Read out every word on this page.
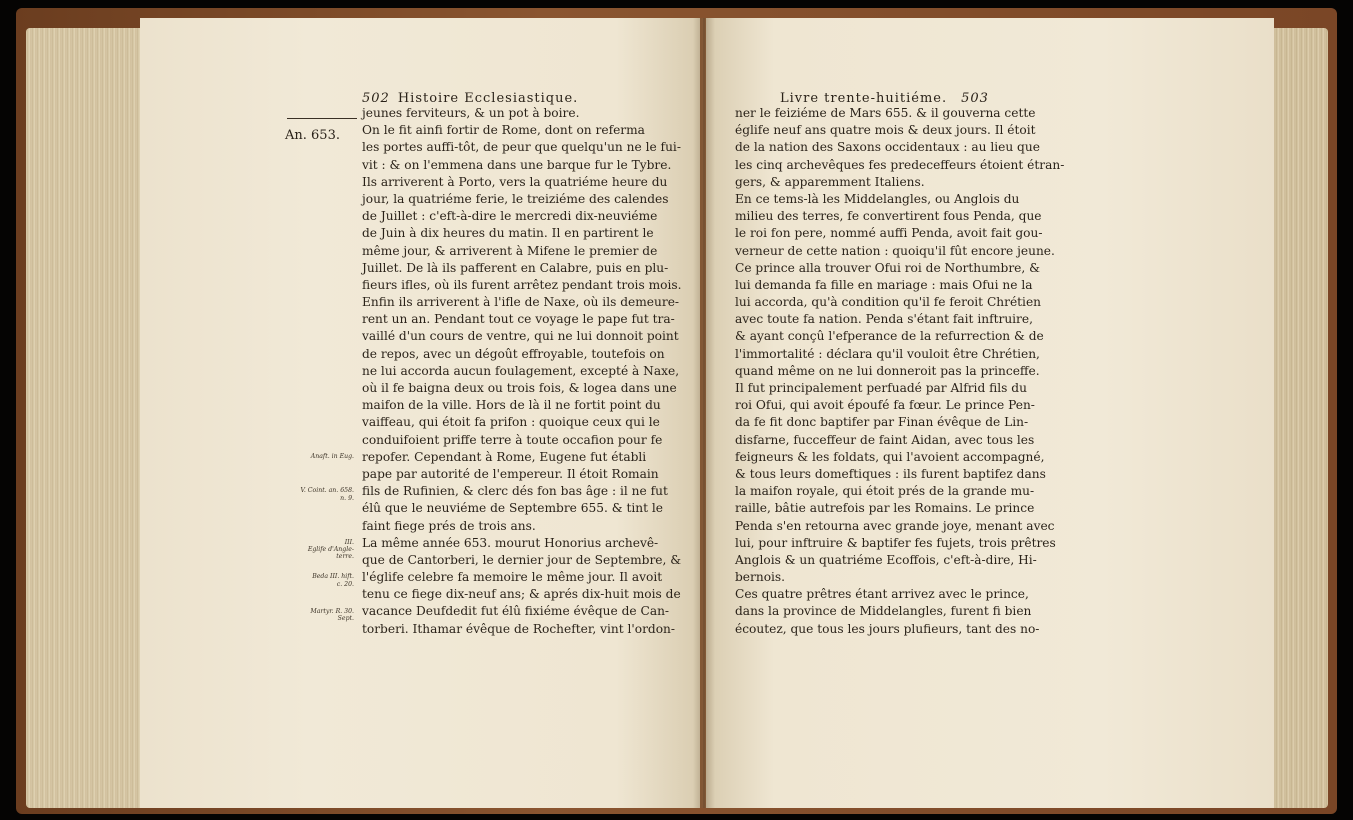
502 Histoire Ecclesiastique.
An. 653.
jeunes ferviteurs, & un pot à boire.
On le fit ainfi fortir de Rome, dont on referma
les portes auffi-tôt, de peur que quelqu'un ne le fui-
vit : & on l'emmena dans une barque fur le Tybre.
Ils arriverent à Porto, vers la quatriéme heure du
jour, la quatriéme ferie, le treiziéme des calendes
de Juillet : c'eft-à-dire le mercredi dix-neuviéme
de Juin à dix heures du matin. Il en partirent le
même jour, & arriverent à Mifene le premier de
Juillet. De là ils pafferent en Calabre, puis en plu-
fieurs ifles, où ils furent arrêtez pendant trois mois.
Enfin ils arriverent à l'ifle de Naxe, où ils demeure-
rent un an. Pendant tout ce voyage le pape fut tra-
vaillé d'un cours de ventre, qui ne lui donnoit point
de repos, avec un dégoût effroyable, toutefois on
ne lui accorda aucun foulagement, excepté à Naxe,
où il fe baigna deux ou trois fois, & logea dans une
maifon de la ville. Hors de là il ne fortit point du
vaiffeau, qui étoit fa prifon : quoique ceux qui le
conduifoient priffe terre à toute occafion pour fe
repofer. Cependant à Rome, Eugene fut établi
pape par autorité de l'empereur. Il étoit Romain
fils de Rufinien, & clerc dés fon bas âge : il ne fut
élû que le neuviéme de Septembre 655. & tint le
faint fiege prés de trois ans.
La même année 653. mourut Honorius archevê-
que de Cantorberi, le dernier jour de Septembre, &
l'églife celebre fa memoire le même jour. Il avoit
tenu ce fiege dix-neuf ans; & aprés dix-huit mois de
vacance Deufdedit fut élû fixiéme évêque de Can-
torberi. Ithamar évêque de Rochefter, vint l'ordon-
Anaft. in Eug.
V. Coint. an. 658.
n. 9.
III.
Eglife d'Angle-
terre.
Beda III. hift.
c. 20.
Martyr. R. 30.
Sept.
Livre trente-huitiéme. 503
ner le feiziéme de Mars 655. & il gouverna cette
églife neuf ans quatre mois & deux jours. Il étoit
de la nation des Saxons occidentaux : au lieu que
les cinq archevêques fes predeceffeurs étoient étran-
gers, & apparemment Italiens.
En ce tems-là les Middelangles, ou Anglois du
milieu des terres, fe convertirent fous Penda, que
le roi fon pere, nommé auffi Penda, avoit fait gou-
verneur de cette nation : quoiqu'il fût encore jeune.
Ce prince alla trouver Ofui roi de Northumbre, &
lui demanda fa fille en mariage : mais Ofui ne la
lui accorda, qu'à condition qu'il fe feroit Chrétien
avec toute fa nation. Penda s'étant fait inftruire,
& ayant conçû l'efperance de la refurrection & de
l'immortalité : déclara qu'il vouloit être Chrétien,
quand même on ne lui donneroit pas la princeffe.
Il fut principalement perfuadé par Alfrid fils du
roi Ofui, qui avoit époufé fa fœur. Le prince Pen-
da fe fit donc baptifer par Finan évêque de Lin-
disfarne, fucceffeur de faint Aidan, avec tous les
feigneurs & les foldats, qui l'avoient accompagné,
& tous leurs domeftiques : ils furent baptifez dans
la maifon royale, qui étoit prés de la grande mu-
raille, bâtie autrefois par les Romains. Le prince
Penda s'en retourna avec grande joye, menant avec
lui, pour inftruire & baptifer fes fujets, trois prêtres
Anglois & un quatriéme Ecoffois, c'eft-à-dire, Hi-
bernois.
Ces quatre prêtres étant arrivez avec le prince,
dans la province de Middelangles, furent fi bien
écoutez, que tous les jours plufieurs, tant des no-
